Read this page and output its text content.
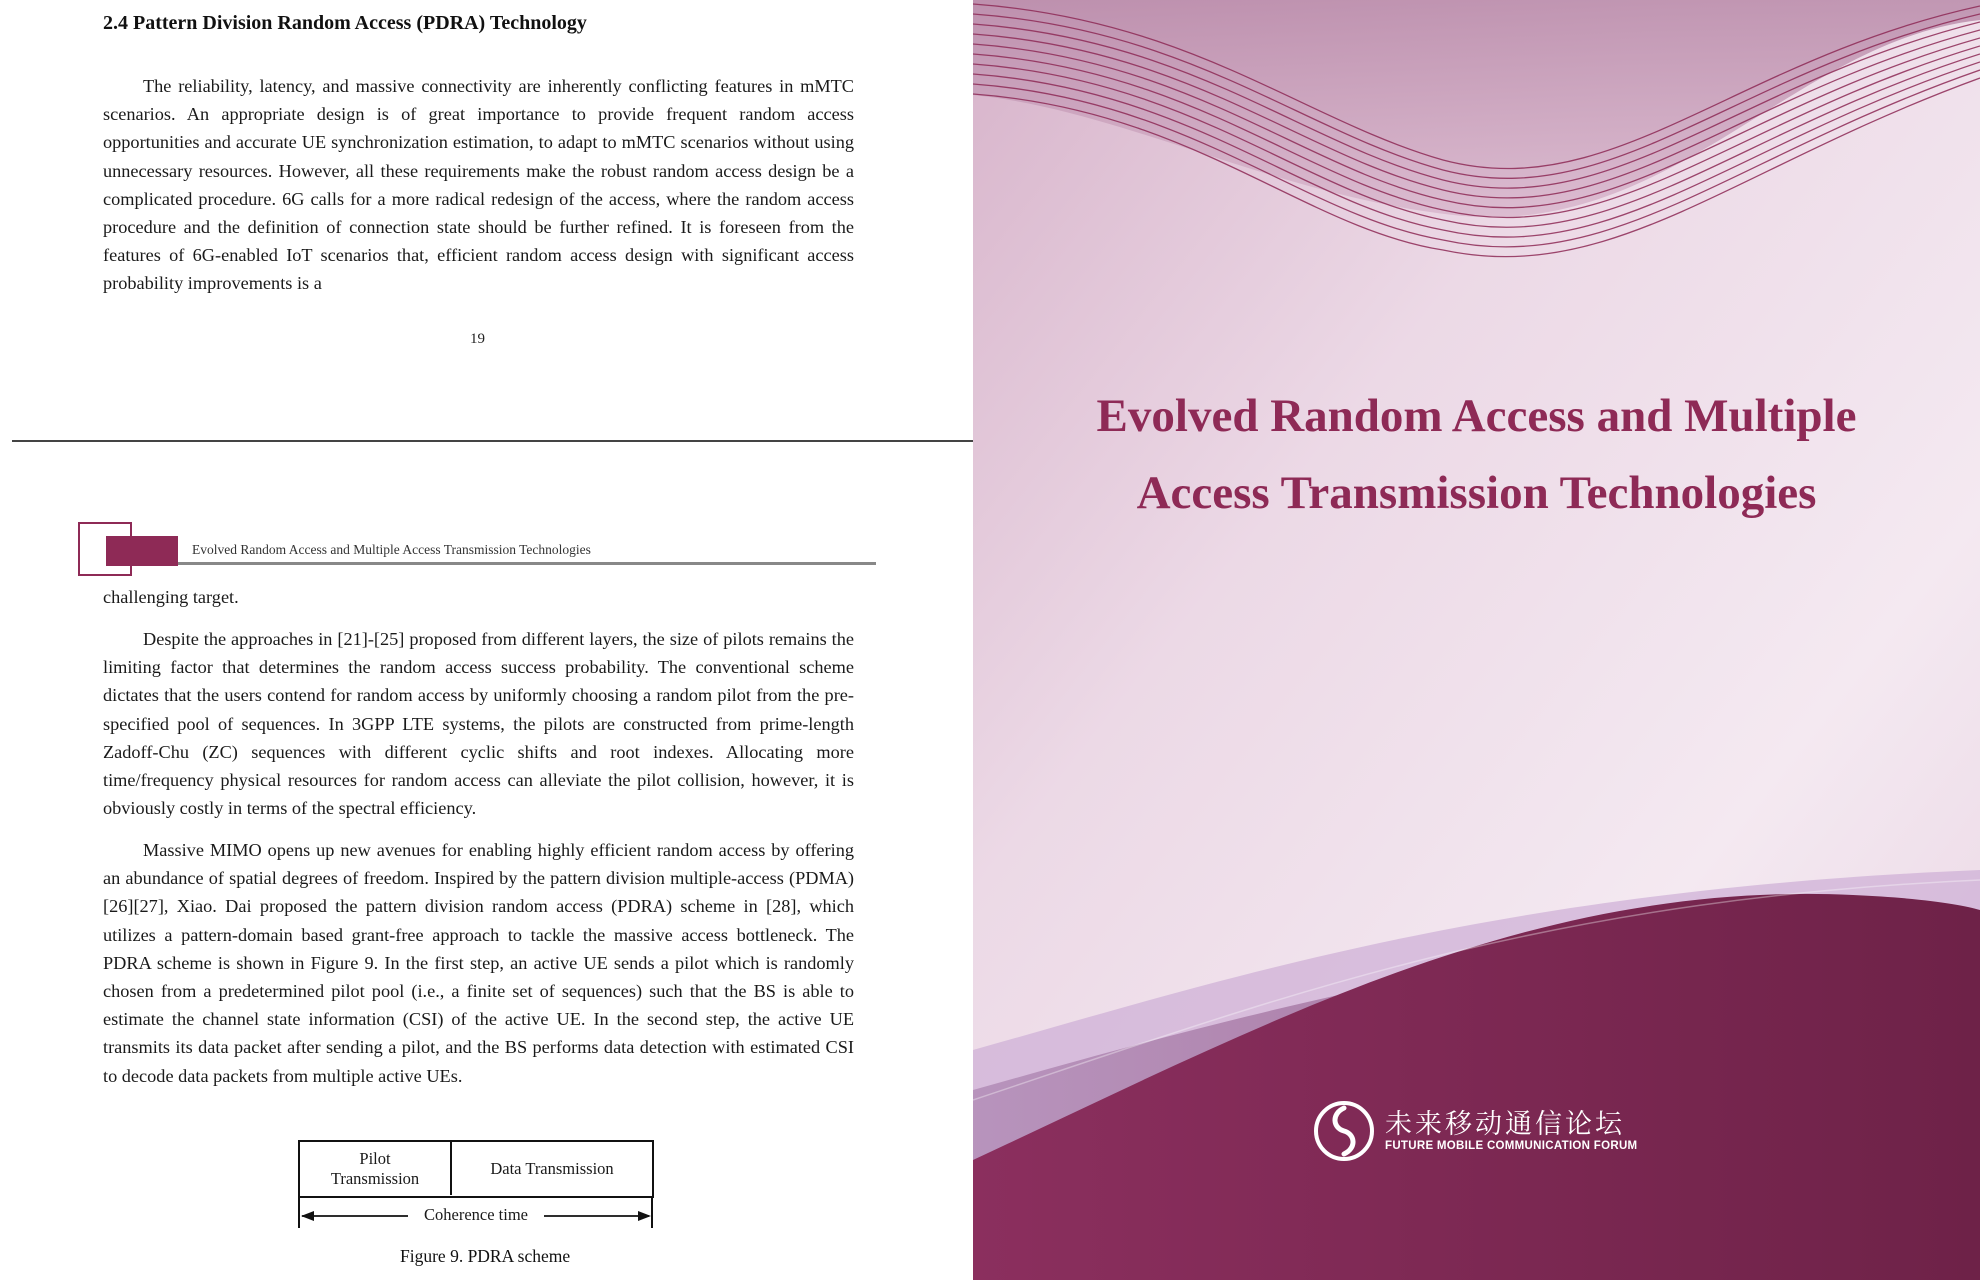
2.4 Pattern Division Random Access (PDRA) Technology

The reliability, latency, and massive connectivity are inherently conflicting features in mMTC scenarios. An appropriate design is of great importance to provide frequent random access opportunities and accurate UE synchronization estimation, to adapt to mMTC scenarios without using unnecessary resources. However, all these requirements make the robust random access design be a complicated procedure. 6G calls for a more radical redesign of the access, where the random access procedure and the definition of connection state should be further refined. It is foreseen from the features of 6G-enabled IoT scenarios that, efficient random access design with significant access probability improvements is a

19
Evolved Random Access and Multiple Access Transmission Technologies

challenging target.

Despite the approaches in [21]-[25] proposed from different layers, the size of pilots remains the limiting factor that determines the random access success probability. The conventional scheme dictates that the users contend for random access by uniformly choosing a random pilot from the pre-specified pool of sequences. In 3GPP LTE systems, the pilots are constructed from prime-length Zadoff-Chu (ZC) sequences with different cyclic shifts and root indexes. Allocating more time/frequency physical resources for random access can alleviate the pilot collision, however, it is obviously costly in terms of the spectral efficiency.

Massive MIMO opens up new avenues for enabling highly efficient random access by offering an abundance of spatial degrees of freedom. Inspired by the pattern division multiple-access (PDMA)[26][27], Xiao. Dai proposed the pattern division random access (PDRA) scheme in [28], which utilizes a pattern-domain based grant-free approach to tackle the massive access bottleneck. The PDRA scheme is shown in Figure 9. In the first step, an active UE sends a pilot which is randomly chosen from a predetermined pilot pool (i.e., a finite set of sequences) such that the BS is able to estimate the channel state information (CSI) of the active UE. In the second step, the active UE transmits its data packet after sending a pilot, and the BS performs data detection with estimated CSI to decode data packets from multiple active UEs.

Pilot
Transmission
Data Transmission
Coherence time
Figure 9. PDRA scheme
Evolved Random Access and Multiple
Access Transmission Technologies
未来移动通信论坛
FUTURE MOBILE COMMUNICATION FORUM
